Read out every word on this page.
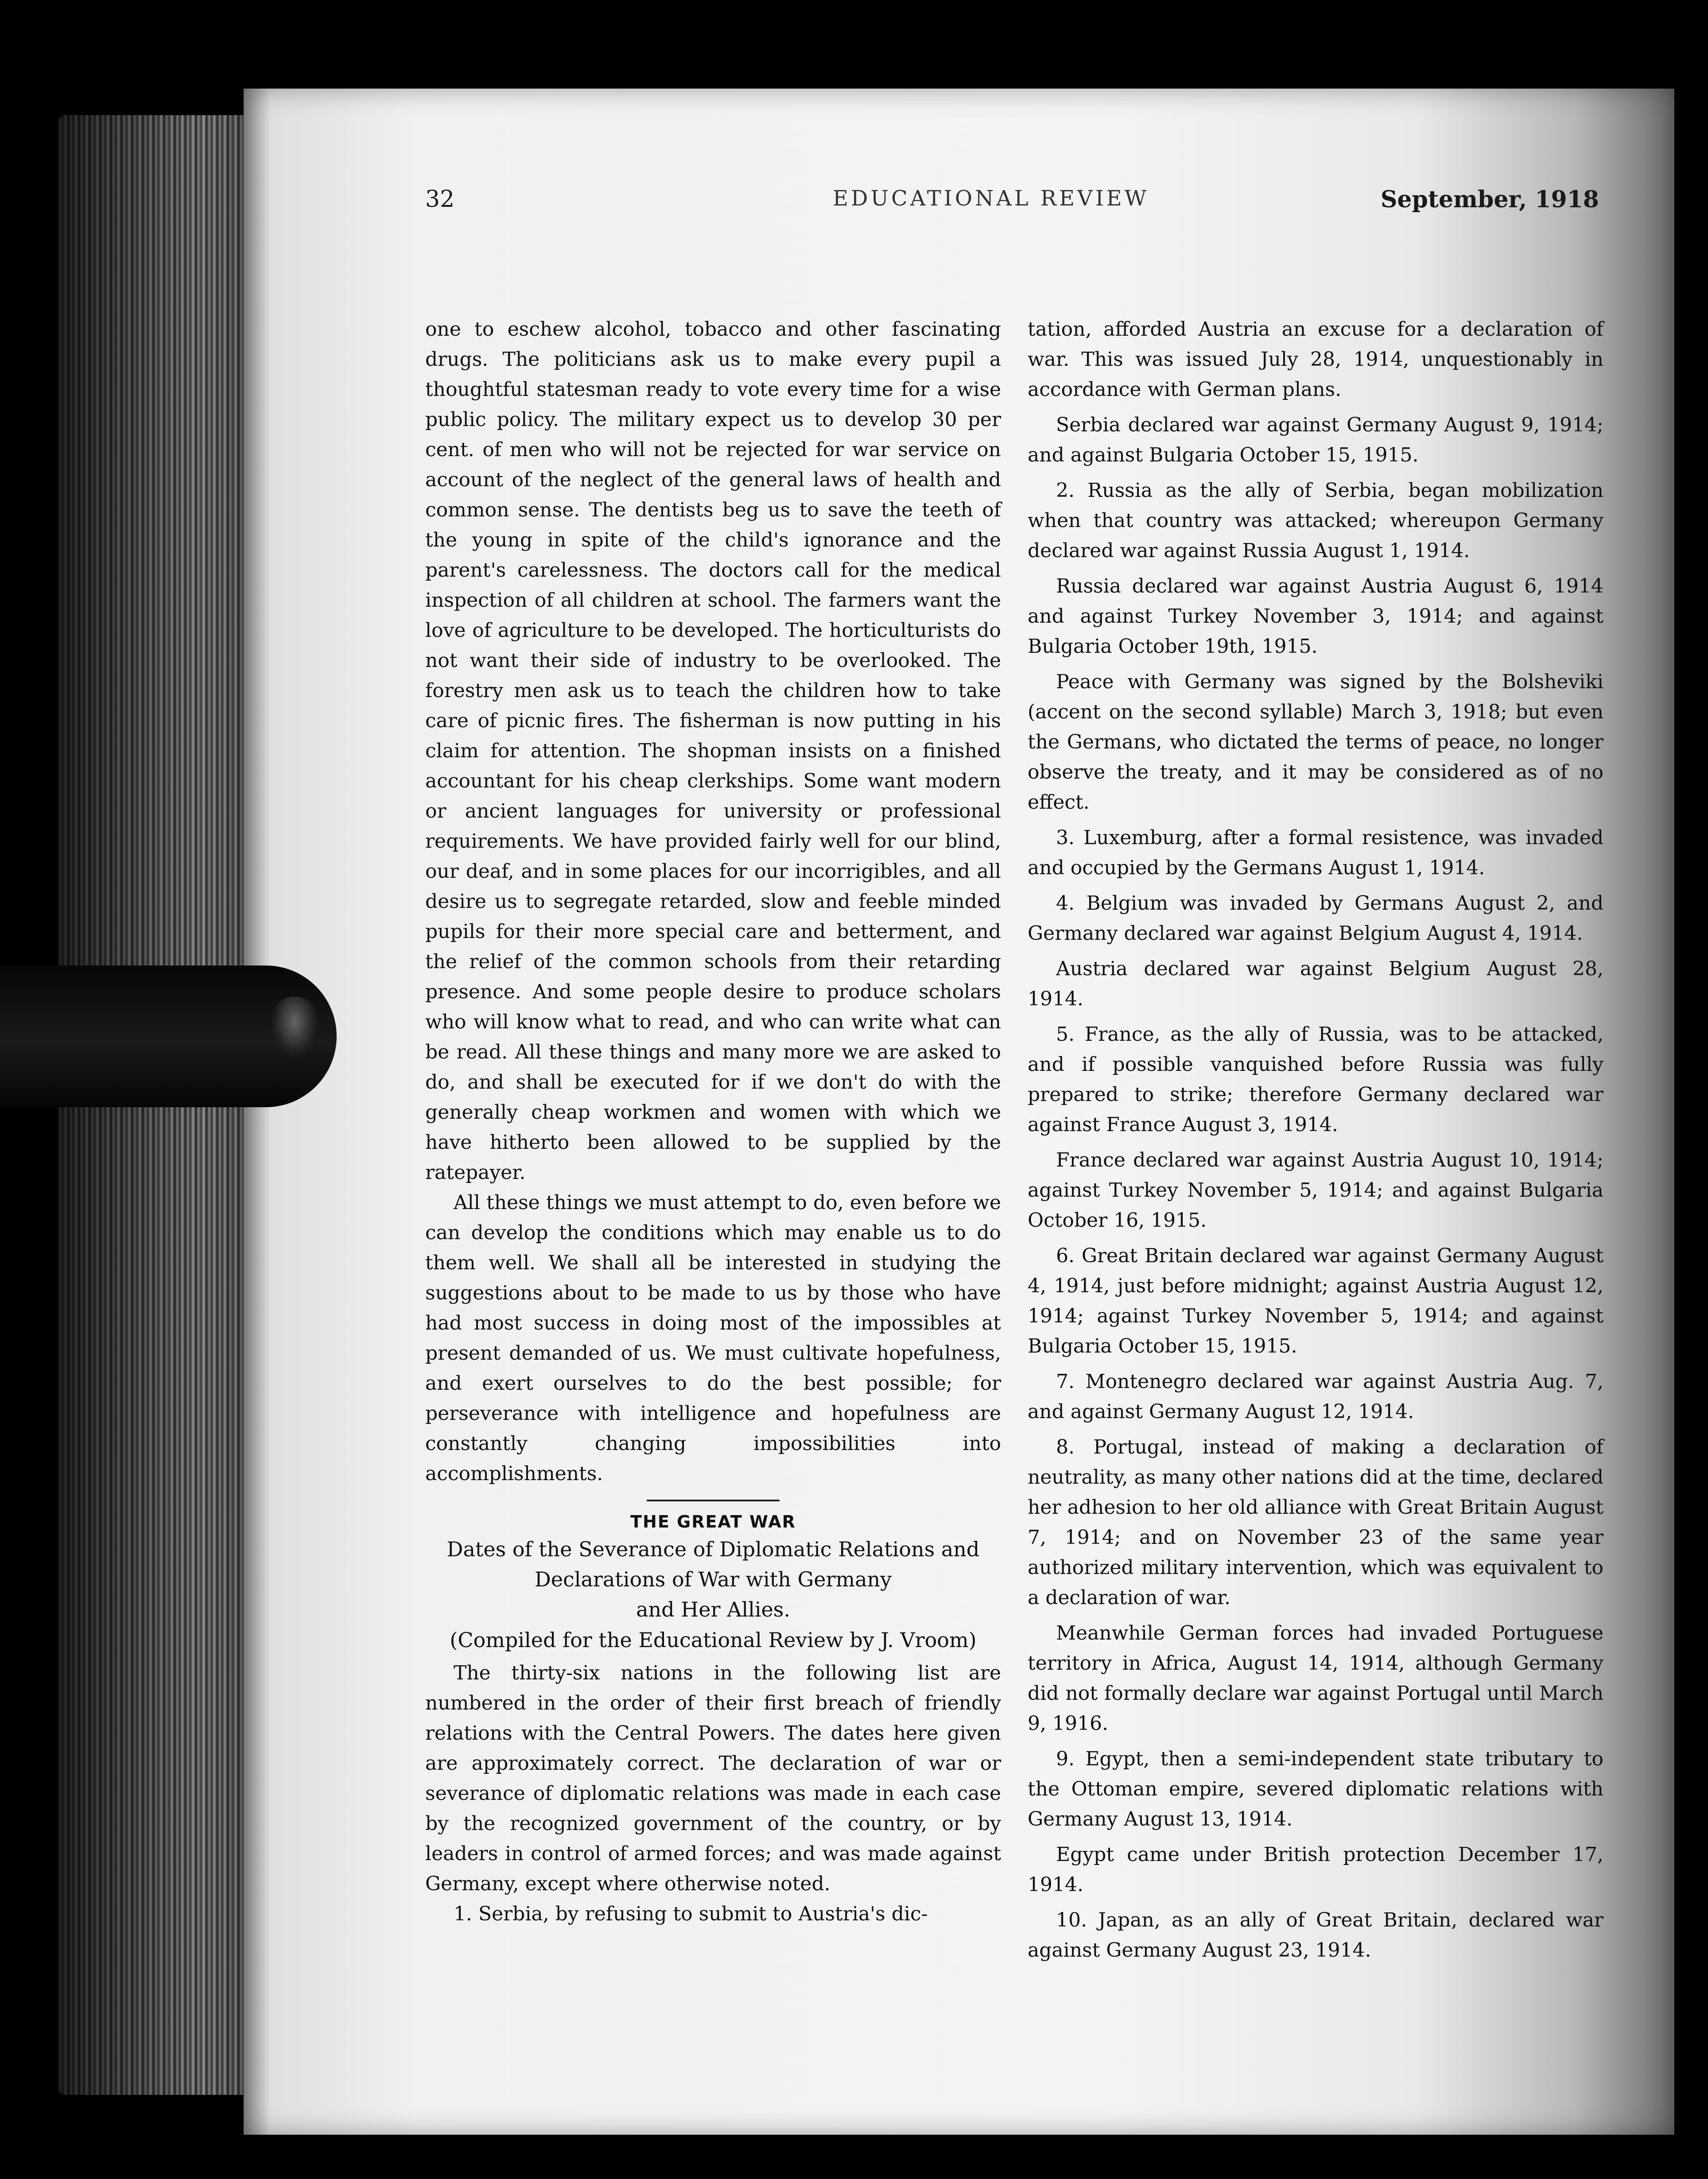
32	EDUCATIONAL REVIEW	September, 1918

one to eschew alcohol, tobacco and other fascinating drugs. The politicians ask us to make every pupil a thoughtful statesman ready to vote every time for a wise public policy. The military expect us to develop 30 per cent. of men who will not be rejected for war service on account of the neglect of the general laws of health and common sense. The dentists beg us to save the teeth of the young in spite of the child's ignorance and the parent's carelessness. The doctors call for the medical inspection of all children at school. The farmers want the love of agriculture to be developed. The horticulturists do not want their side of industry to be overlooked. The forestry men ask us to teach the children how to take care of picnic fires. The fisherman is now putting in his claim for attention. The shopman insists on a finished accountant for his cheap clerkships. Some want modern or ancient languages for university or professional requirements. We have provided fairly well for our blind, our deaf, and in some places for our incorrigibles, and all desire us to segregate retarded, slow and feeble minded pupils for their more special care and betterment, and the relief of the common schools from their retarding presence. And some people desire to produce scholars who will know what to read, and who can write what can be read. All these things and many more we are asked to do, and shall be executed for if we don't do with the generally cheap workmen and women with which we have hitherto been allowed to be supplied by the ratepayer.

All these things we must attempt to do, even before we can develop the conditions which may enable us to do them well. We shall all be interested in studying the suggestions about to be made to us by those who have had most success in doing most of the impossibles at present demanded of us. We must cultivate hopefulness, and exert ourselves to do the best possible; for perseverance with intelligence and hopefulness are constantly changing impossibilities into accomplishments.

THE GREAT WAR
Dates of the Severance of Diplomatic Relations and
Declarations of War with Germany
and Her Allies.
(Compiled for the Educational Review by J. Vroom)

The thirty-six nations in the following list are numbered in the order of their first breach of friendly relations with the Central Powers. The dates here given are approximately correct. The declaration of war or severance of diplomatic relations was made in each case by the recognized government of the country, or by leaders in control of armed forces; and was made against Germany, except where otherwise noted.

1. Serbia, by refusing to submit to Austria's dic-

tation, afforded Austria an excuse for a declaration of war. This was issued July 28, 1914, unquestionably in accordance with German plans.

Serbia declared war against Germany August 9, 1914; and against Bulgaria October 15, 1915.

2. Russia as the ally of Serbia, began mobilization when that country was attacked; whereupon Germany declared war against Russia August 1, 1914.

Russia declared war against Austria August 6, 1914 and against Turkey November 3, 1914; and against Bulgaria October 19th, 1915.

Peace with Germany was signed by the Bolsheviki (accent on the second syllable) March 3, 1918; but even the Germans, who dictated the terms of peace, no longer observe the treaty, and it may be considered as of no effect.

3. Luxemburg, after a formal resistence, was invaded and occupied by the Germans August 1, 1914.

4. Belgium was invaded by Germans August 2, and Germany declared war against Belgium August 4, 1914.

Austria declared war against Belgium August 28, 1914.

5. France, as the ally of Russia, was to be attacked, and if possible vanquished before Russia was fully prepared to strike; therefore Germany declared war against France August 3, 1914.

France declared war against Austria August 10, 1914; against Turkey November 5, 1914; and against Bulgaria October 16, 1915.

6. Great Britain declared war against Germany August 4, 1914, just before midnight; against Austria August 12, 1914; against Turkey November 5, 1914; and against Bulgaria October 15, 1915.

7. Montenegro declared war against Austria Aug. 7, and against Germany August 12, 1914.

8. Portugal, instead of making a declaration of neutrality, as many other nations did at the time, declared her adhesion to her old alliance with Great Britain August 7, 1914; and on November 23 of the same year authorized military intervention, which was equivalent to a declaration of war.

Meanwhile German forces had invaded Portuguese territory in Africa, August 14, 1914, although Germany did not formally declare war against Portugal until March 9, 1916.

9. Egypt, then a semi-independent state tributary to the Ottoman empire, severed diplomatic relations with Germany August 13, 1914.

Egypt came under British protection December 17, 1914.

10. Japan, as an ally of Great Britain, declared war against Germany August 23, 1914.
